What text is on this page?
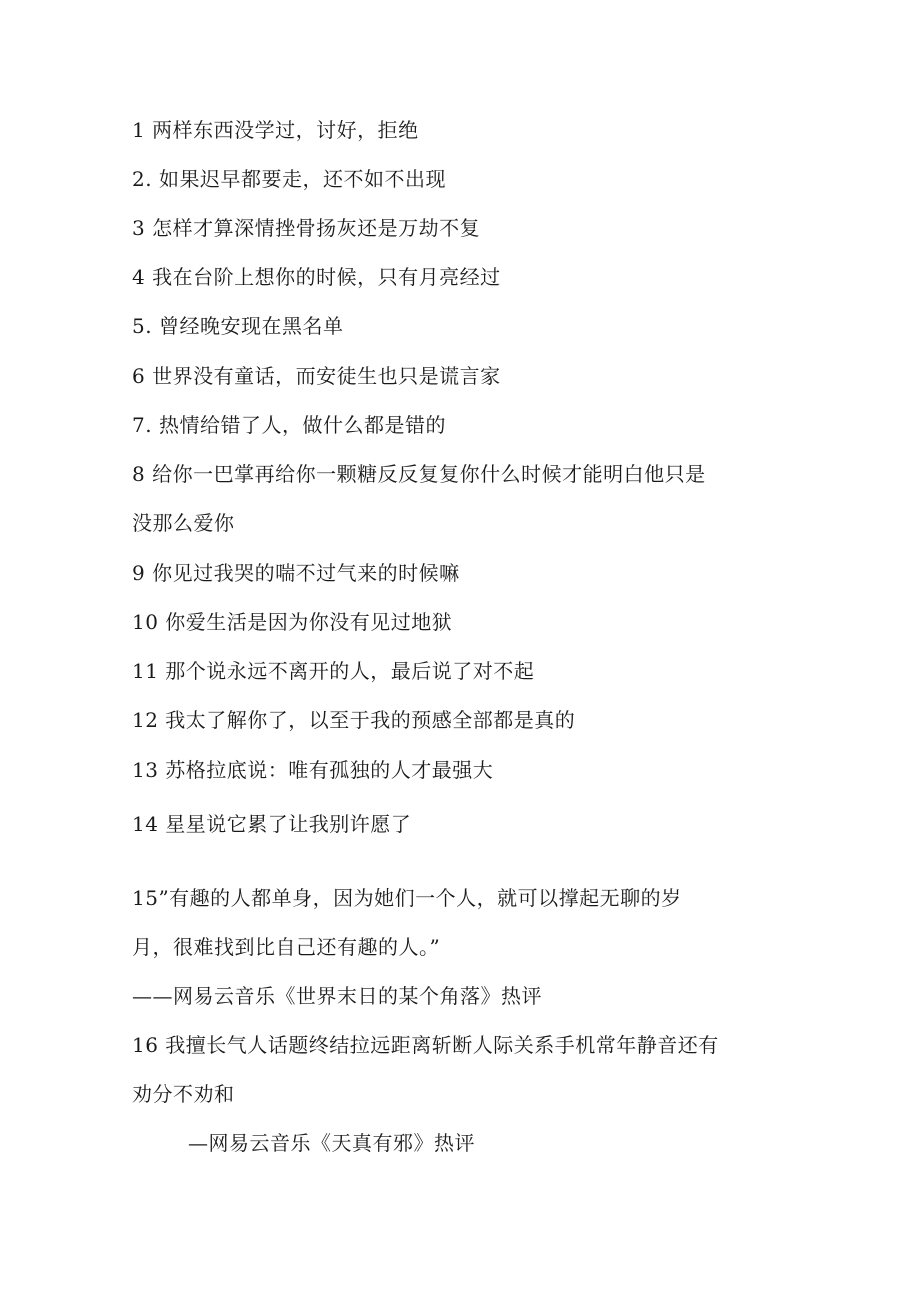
1 两样东西没学过，讨好，拒绝
2. 如果迟早都要走，还不如不出现
3 怎样才算深情挫骨扬灰还是万劫不复
4 我在台阶上想你的时候，只有月亮经过
5. 曾经晚安现在黑名单
6 世界没有童话，而安徒生也只是谎言家
7. 热情给错了人，做什么都是错的
8 给你一巴掌再给你一颗糖反反复复你什么时候才能明白他只是
没那么爱你
9 你见过我哭的喘不过气来的时候嘛
10 你爱生活是因为你没有见过地狱
11 那个说永远不离开的人，最后说了对不起
12 我太了解你了，以至于我的预感全部都是真的
13 苏格拉底说：唯有孤独的人才最强大
14 星星说它累了让我别许愿了
15”有趣的人都单身，因为她们一个人，就可以撑起无聊的岁
月，很难找到比自己还有趣的人。”
——网易云音乐《世界末日的某个角落》热评
16 我擅长气人话题终结拉远距离斩断人际关系手机常年静音还有
劝分不劝和
—网易云音乐《天真有邪》热评
